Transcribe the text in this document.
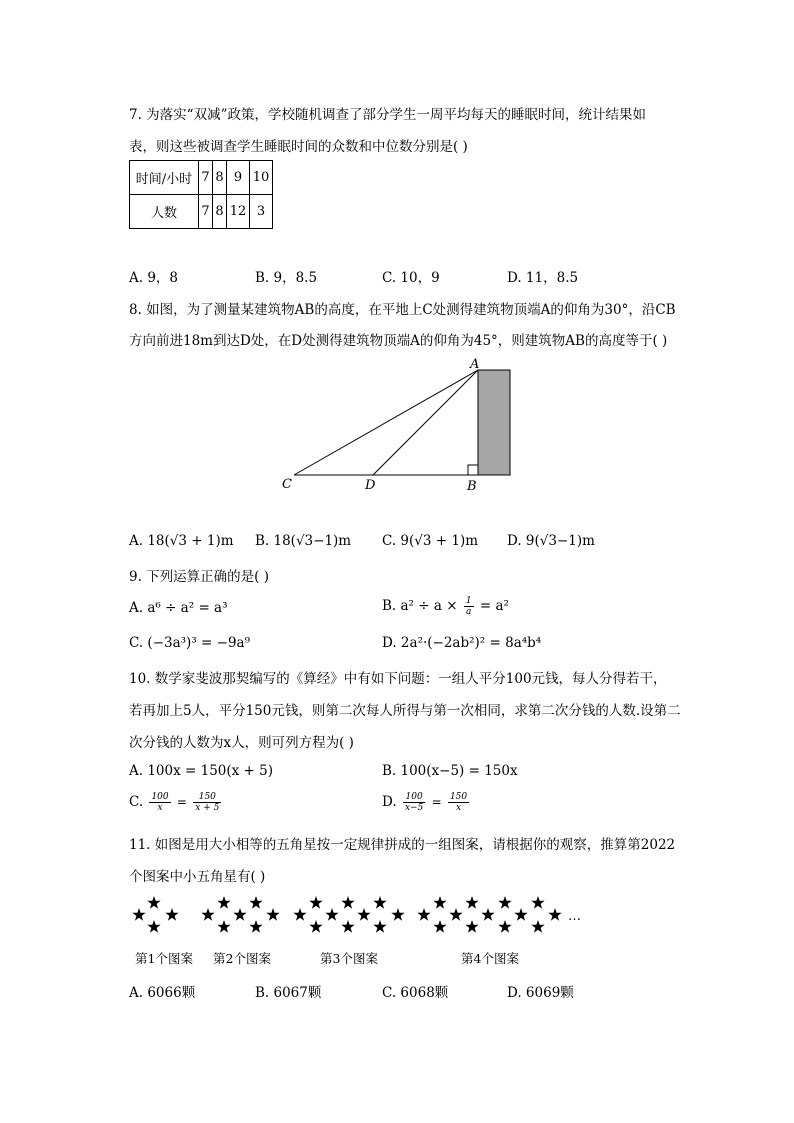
7. 为落实“双减”政策，学校随机调查了部分学生一周平均每天的睡眠时间，统计结果如
表，则这些被调查学生睡眠时间的众数和中位数分别是( )
时间/小时	7	8	9	10
人数	7	8	12	3
A. 9，8	B. 9，8.5	C. 10，9	D. 11，8.5
8. 如图，为了测量某建筑物AB的高度，在平地上C处测得建筑物顶端A的仰角为30°，沿CB
方向前进18m到达D处，在D处测得建筑物顶端A的仰角为45°，则建筑物AB的高度等于( )
A
B
C	D
A. 18(√3 + 1)m B. 18(√3−1)m C. 9(√3 + 1)m D. 9(√3−1)m
9. 下列运算正确的是( )
A. a⁶ ÷ a² = a³	B. $a^2 \div a \times \frac{1}{a} = a^2$
C. (−3a³)³ = −9a⁹	D. 2a²·(−2ab²)² = 8a⁴b⁴
10. 数学家斐波那契编写的《算经》中有如下问题：一组人平分100元钱，每人分得若干，
若再加上5人，平分150元钱，则第二次每人所得与第一次相同，求第二次分钱的人数.设第二
次分钱的人数为x人，则可列方程为( )
A. 100x = 150(x + 5)	B. 100(x−5) = 150x
C. $\frac{100}{x} = \frac{150}{x + 5}$	D. $\frac{100}{x-5} = \frac{150}{x}$
11. 如图是用大小相等的五角星按一定规律拼成的一组图案，请根据你的观察，推算第2022
个图案中小五角星有( )
…
第1个图案 第2个图案	第3个图案	第4个图案
A. 6066颗	B. 6067颗	C. 6068颗	D. 6069颗
